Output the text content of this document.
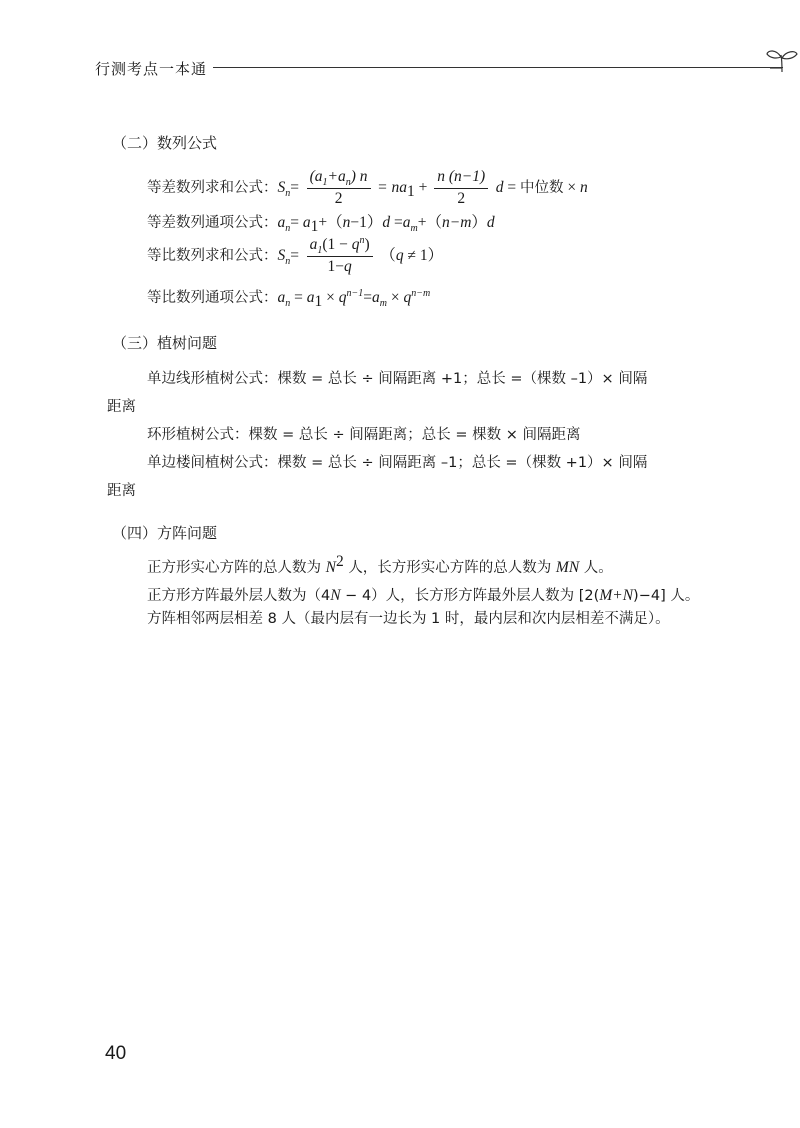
行测考点一本通
（二）数列公式
等差数列求和公式：$S_n= \frac{(a_1+a_n) n}{2} = na_1 + \frac{n (n-1)}{2}$ d = 中位数 × n
等差数列通项公式：$a_n= a_1+(n-1)d =a_m+(n-m)d$
等比数列求和公式：$S_n= \frac{a_1(1 - q^n)}{1-q} (q \ne 1)$
等比数列通项公式：$a_n = a_1 \times q^{n-1}=a_m \times q^{n-m}$
（三）植树问题
单边线形植树公式：棵数 = 总长 ÷ 间隔距离 +1；总长 =（棵数 –1）× 间隔
距离
环形植树公式：棵数 = 总长 ÷ 间隔距离；总长 = 棵数 × 间隔距离
单边楼间植树公式：棵数 = 总长 ÷ 间隔距离 –1；总长 =（棵数 +1）× 间隔
距离
（四）方阵问题
正方形实心方阵的总人数为 $N^2$ 人，长方形实心方阵的总人数为 MN 人。
正方形方阵最外层人数为（4N − 4）人，长方形方阵最外层人数为 [2(M+N)−4] 人。
方阵相邻两层相差 8 人（最内层有一边长为 1 时，最内层和次内层相差不满足）。
40
